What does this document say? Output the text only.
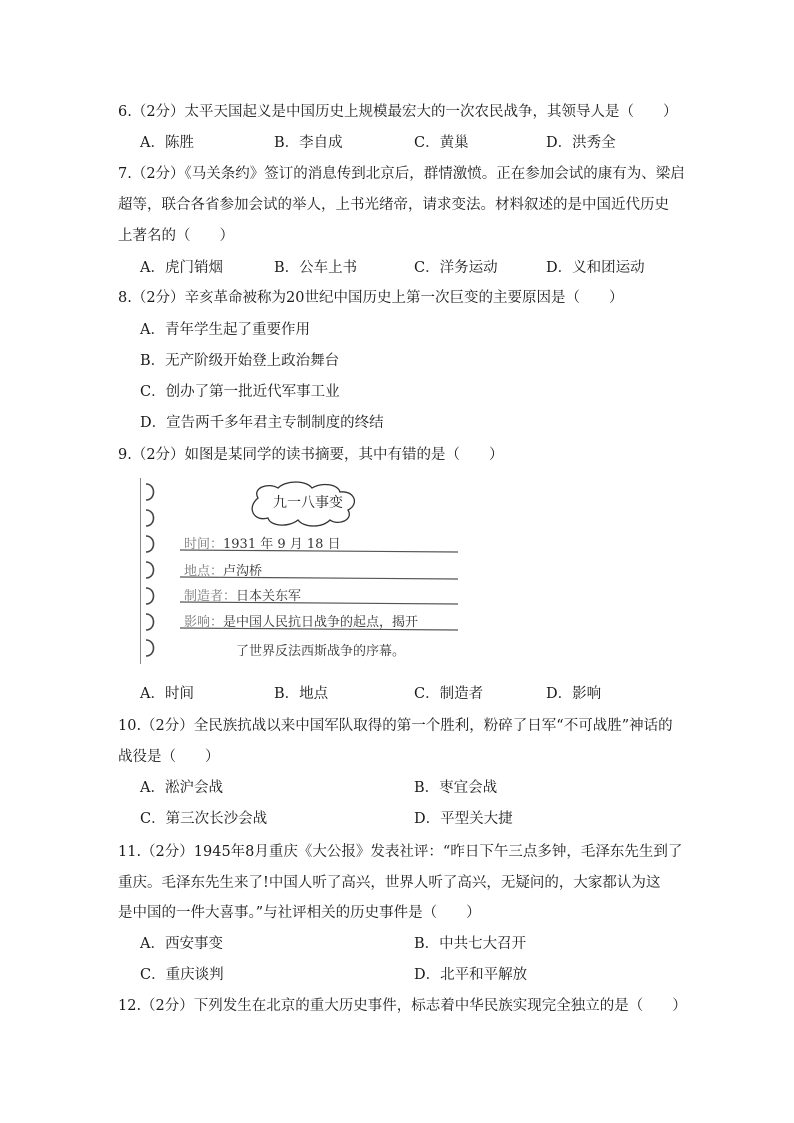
6.（2分）太平天国起义是中国历史上规模最宏大的一次农民战争，其领导人是（　　）
A．陈胜	B．李自成	C．黄巢	D．洪秀全
7.（2分）《马关条约》签订的消息传到北京后，群情激愤。正在参加会试的康有为、梁启
超等，联合各省参加会试的举人，上书光绪帝，请求变法。材料叙述的是中国近代历史
上著名的（　　）
A．虎门销烟	B．公车上书	C．洋务运动	D．义和团运动
8.（2分）辛亥革命被称为20世纪中国历史上第一次巨变的主要原因是（　　）
A．青年学生起了重要作用
B．无产阶级开始登上政治舞台
C．创办了第一批近代军事工业
D．宣告两千多年君主专制制度的终结
9.（2分）如图是某同学的读书摘要，其中有错的是（　　）
九一八事变
时间：1931 年 9 月 18 日
地点：卢沟桥
制造者：日本关东军
影响：是中国人民抗日战争的起点，揭开
了世界反法西斯战争的序幕。
A．时间	B．地点	C．制造者	D．影响
10.（2分）全民族抗战以来中国军队取得的第一个胜利，粉碎了日军“不可战胜”神话的
战役是（　　）
A．淞沪会战	B．枣宜会战
C．第三次长沙会战	D．平型关大捷
11.（2分）1945年8月重庆《大公报》发表社评：“昨日下午三点多钟，毛泽东先生到了
重庆。毛泽东先生来了!中国人听了高兴，世界人听了高兴，无疑问的，大家都认为这
是中国的一件大喜事。”与社评相关的历史事件是（　　）
A．西安事变	B．中共七大召开
C．重庆谈判	D．北平和平解放
12.（2分）下列发生在北京的重大历史事件，标志着中华民族实现完全独立的是（　　）
